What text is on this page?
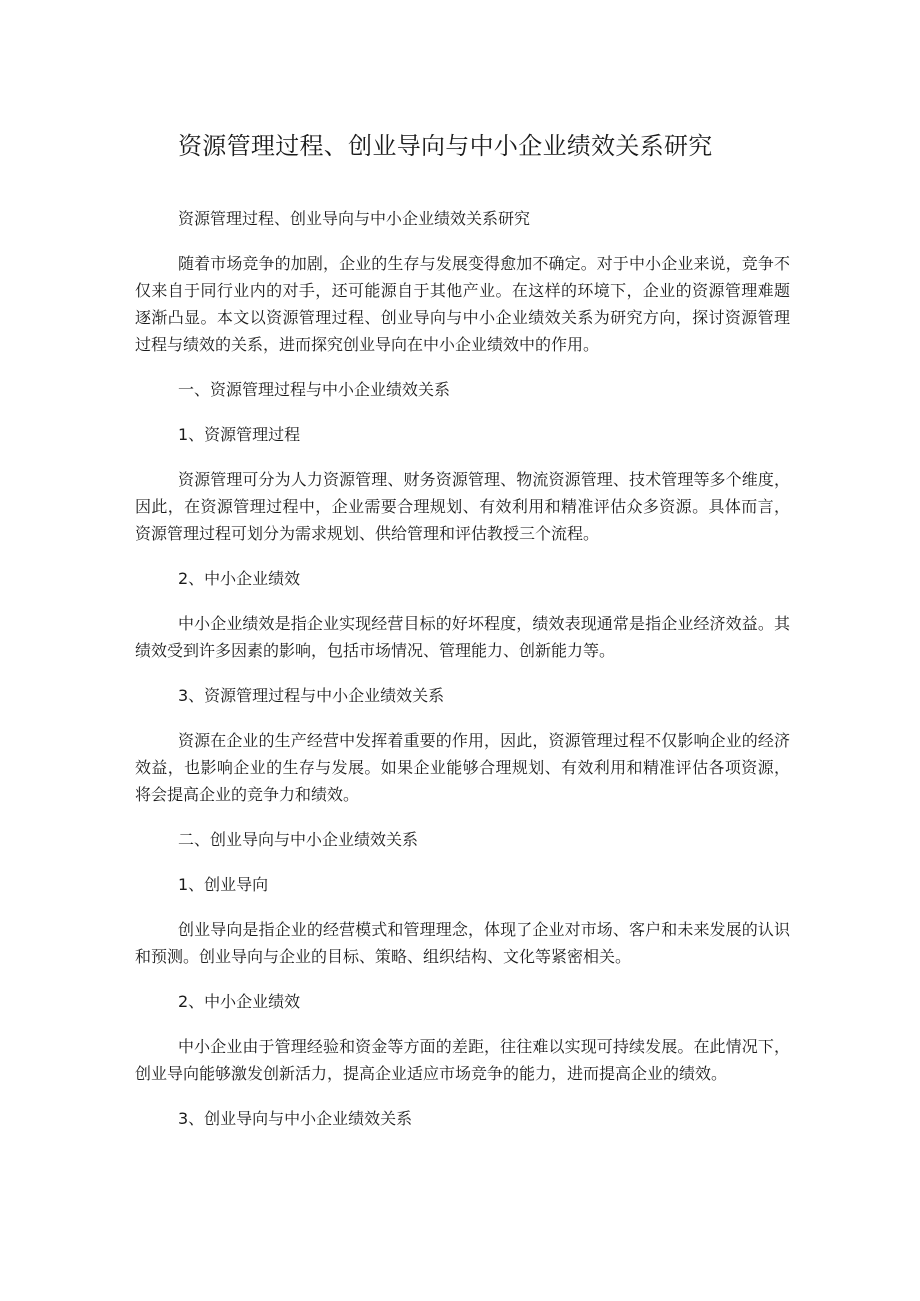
资源管理过程、创业导向与中小企业绩效关系研究

资源管理过程、创业导向与中小企业绩效关系研究

随着市场竞争的加剧，企业的生存与发展变得愈加不确定。对于中小企业来说，竞争不仅来自于同行业内的对手，还可能源自于其他产业。在这样的环境下，企业的资源管理难题逐渐凸显。本文以资源管理过程、创业导向与中小企业绩效关系为研究方向，探讨资源管理过程与绩效的关系，进而探究创业导向在中小企业绩效中的作用。

一、资源管理过程与中小企业绩效关系

1、资源管理过程

资源管理可分为人力资源管理、财务资源管理、物流资源管理、技术管理等多个维度，因此，在资源管理过程中，企业需要合理规划、有效利用和精准评估众多资源。具体而言，资源管理过程可划分为需求规划、供给管理和评估教授三个流程。

2、中小企业绩效

中小企业绩效是指企业实现经营目标的好坏程度，绩效表现通常是指企业经济效益。其绩效受到许多因素的影响，包括市场情况、管理能力、创新能力等。

3、资源管理过程与中小企业绩效关系

资源在企业的生产经营中发挥着重要的作用，因此，资源管理过程不仅影响企业的经济效益，也影响企业的生存与发展。如果企业能够合理规划、有效利用和精准评估各项资源，将会提高企业的竞争力和绩效。

二、创业导向与中小企业绩效关系

1、创业导向

创业导向是指企业的经营模式和管理理念，体现了企业对市场、客户和未来发展的认识和预测。创业导向与企业的目标、策略、组织结构、文化等紧密相关。

2、中小企业绩效

中小企业由于管理经验和资金等方面的差距，往往难以实现可持续发展。在此情况下，创业导向能够激发创新活力，提高企业适应市场竞争的能力，进而提高企业的绩效。

3、创业导向与中小企业绩效关系
